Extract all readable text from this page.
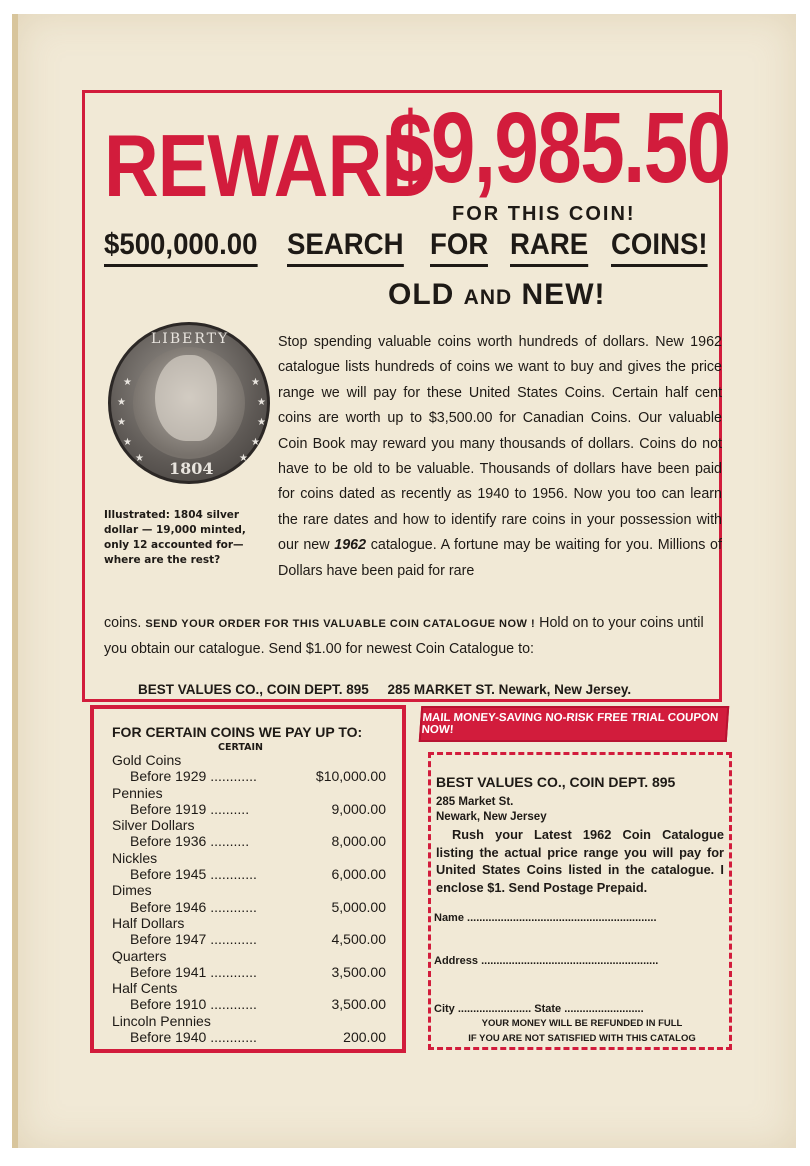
REWARD
$9,985.50
FOR THIS COIN!
$500,000.00 SEARCH FOR RARE COINS!
OLD AND NEW!
LIBERTY
1804
★
★
★
★
★
★
★
★
★
★
Illustrated: 1804 silver dollar — 19,000 minted, only 12 accounted for— where are the rest?
Stop spending valuable coins worth hundreds of dollars. New 1962 catalogue lists hundreds of coins we want to buy and gives the price range we will pay for these United States Coins. Certain half cent coins are worth up to $3,500.00 for Canadian Coins. Our valuable Coin Book may reward you many thousands of dollars. Coins do not have to be old to be valuable. Thousands of dollars have been paid for coins dated as recently as 1940 to 1956. Now you too can learn the rare dates and how to identify rare coins in your possession with our new 1962 catalogue. A fortune may be waiting for you. Millions of Dollars have been paid for rare
coins. SEND YOUR ORDER FOR THIS VALUABLE COIN CATALOGUE NOW ! Hold on to your coins until you obtain our catalogue. Send $1.00 for newest Coin Catalogue to:
BEST VALUES CO., COIN DEPT. 895     285 MARKET ST. Newark, New Jersey.
FOR CERTAIN COINS WE PAY UP TO:
CERTAIN
Gold Coins
Before 1929 ............	$10,000.00
Pennies
Before 1919 ..........	9,000.00
Silver Dollars
Before 1936 ..........	8,000.00
Nickles
Before 1945 ............	6,000.00
Dimes
Before 1946 ............	5,000.00
Half Dollars
Before 1947 ............	4,500.00
Quarters
Before 1941 ............	3,500.00
Half Cents
Before 1910 ............	3,500.00
Lincoln Pennies
Before 1940 ............	200.00
MAIL MONEY-SAVING NO-RISK FREE TRIAL COUPON NOW!
BEST VALUES CO., COIN DEPT. 895
285 Market St.
Newark, New Jersey
Rush your Latest 1962 Coin Catalogue listing the actual price range you will pay for United States Coins listed in the catalogue. I enclose $1. Send Postage Prepaid.
Name ..............................................................
Address ..........................................................
City ........................ State ..........................
YOUR MONEY WILL BE REFUNDED IN FULL
IF YOU ARE NOT SATISFIED WITH THIS CATALOG
